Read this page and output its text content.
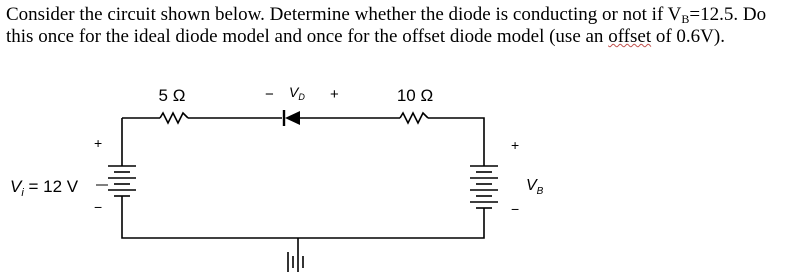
Consider the circuit shown below. Determine whether the diode is conducting or not if $V_B=12.5$. Do this once for the ideal diode model and once for the offset diode model (use an offset of 0.6V).
5 Ω	10 Ω
− $V_D$ +
+
$V_i = 12$ V
−
+
$V_B$
−
